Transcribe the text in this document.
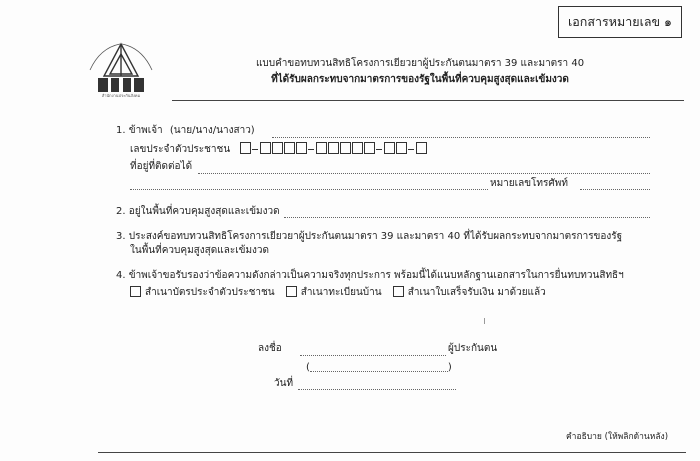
เอกสารหมายเลข ๑
สำนักงานประกันสังคม
แบบคำขอทบทวนสิทธิโครงการเยียวยาผู้ประกันตนมาตรา 39 และมาตรา 40
ที่ได้รับผลกระทบจากมาตรการของรัฐในพื้นที่ควบคุมสูงสุดและเข้มงวด
1. ข้าพเจ้า (นาย/นาง/นางสาว)
เลขประจำตัวประชาชน
ที่อยู่ที่ติดต่อได้
หมายเลขโทรศัพท์
2. อยู่ในพื้นที่ควบคุมสูงสุดและเข้มงวด
3. ประสงค์ขอทบทวนสิทธิโครงการเยียวยาผู้ประกันตนมาตรา 39 และมาตรา 40 ที่ได้รับผลกระทบจากมาตรการของรัฐ
ในพื้นที่ควบคุมสูงสุดและเข้มงวด
4. ข้าพเจ้าขอรับรองว่าข้อความดังกล่าวเป็นความจริงทุกประการ พร้อมนี้ได้แนบหลักฐานเอกสารในการยื่นทบทวนสิทธิฯ
สำเนาบัตรประจำตัวประชาชน	สำเนาทะเบียนบ้าน	สำเนาใบเสร็จรับเงิน มาด้วยแล้ว
ลงชื่อ	ผู้ประกันตน
(	)
วันที่
คำอธิบาย (ให้พลิกด้านหลัง)
